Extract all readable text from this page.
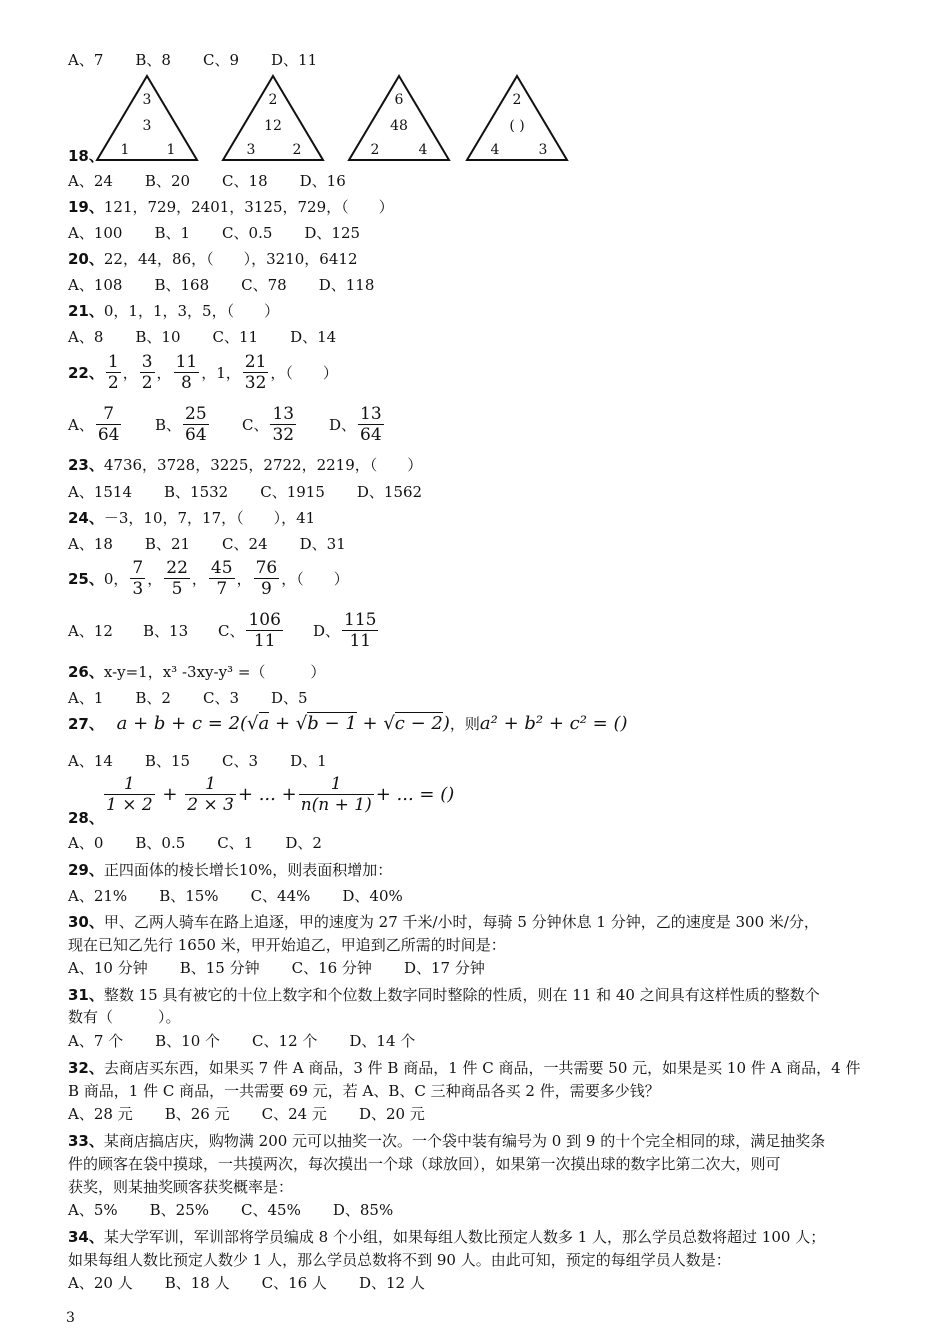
A、7 B、8 C、9 D、11
18、
3
3
1	1
2
12
3	2
6
48
2	4
2
( )
4	3
A、24 B、20 C、18 D、16
19、121，729，2401，3125，729，（　　）
A、100 B、1 C、0.5 D、125
20、22，44，86，（　　），3210，6412
A、108 B、168 C、78 D、118
21、0，1，1，3，5，（　　）
A、8 B、10 C、11 D、14
22、 $\frac{1}{2}$ ， $\frac{3}{2}$ ， $\frac{11}{8}$ ，1， $\frac{21}{32}$ ，（　　）
A、 $\frac{7}{64}$ B、 $\frac{25}{64}$ C、 $\frac{13}{32}$ D、 $\frac{13}{64}$
23、4736，3728，3225，2722，2219，（　　）
A、1514 B、1532 C、1915 D、1562
24、－3，10，7，17，（　　），41
A、18 B、21 C、24 D、31
25、0， $\frac{7}{3}$ ， $\frac{22}{5}$ ， $\frac{45}{7}$ ， $\frac{76}{9}$ ，（　　）
A、12 B、13 C、 $\frac{106}{11}$ D、 $\frac{115}{11}$
26、x-y=1，x³ -3xy-y³ =（　　　）
A、1 B、2 C、3 D、5
27、 a + b + c = 2(√a + √b − 1 + √c − 2)，则a² + b² + c² = ()
A、14 B、15 C、3 D、1
28、
$\frac{1}{1 \times 2} + \frac{1}{2 \times 3}$ + ... + $\frac{1}{n(n + 1)}$ + ... = ()
A、0 B、0.5 C、1 D、2
29、正四面体的棱长增长10%，则表面积增加：
A、21% B、15% C、44% D、40%
30、甲、乙两人骑车在路上追逐，甲的速度为 27 千米/小时，每骑 5 分钟休息 1 分钟，乙的速度是 300 米/分，
现在已知乙先行 1650 米，甲开始追乙，甲追到乙所需的时间是：
A、10 分钟 B、15 分钟 C、16 分钟 D、17 分钟
31、整数 15 具有被它的十位上数字和个位数上数字同时整除的性质，则在 11 和 40 之间具有这样性质的整数个
数有（　　　）。
A、7 个 B、10 个 C、12 个 D、14 个
32、去商店买东西，如果买 7 件 A 商品，3 件 B 商品，1 件 C 商品，一共需要 50 元，如果是买 10 件 A 商品，4 件
B 商品，1 件 C 商品，一共需要 69 元，若 A、B、C 三种商品各买 2 件，需要多少钱？
A、28 元 B、26 元 C、24 元 D、20 元
33、某商店搞店庆，购物满 200 元可以抽奖一次。一个袋中装有编号为 0 到 9 的十个完全相同的球，满足抽奖条
件的顾客在袋中摸球，一共摸两次，每次摸出一个球（球放回），如果第一次摸出球的数字比第二次大，则可
获奖，则某抽奖顾客获奖概率是：
A、5% B、25% C、45% D、85%
34、某大学军训，军训部将学员编成 8 个小组，如果每组人数比预定人数多 1 人，那么学员总数将超过 100 人；
如果每组人数比预定人数少 1 人，那么学员总数将不到 90 人。由此可知，预定的每组学员人数是：
A、20 人 B、18 人 C、16 人 D、12 人
3
